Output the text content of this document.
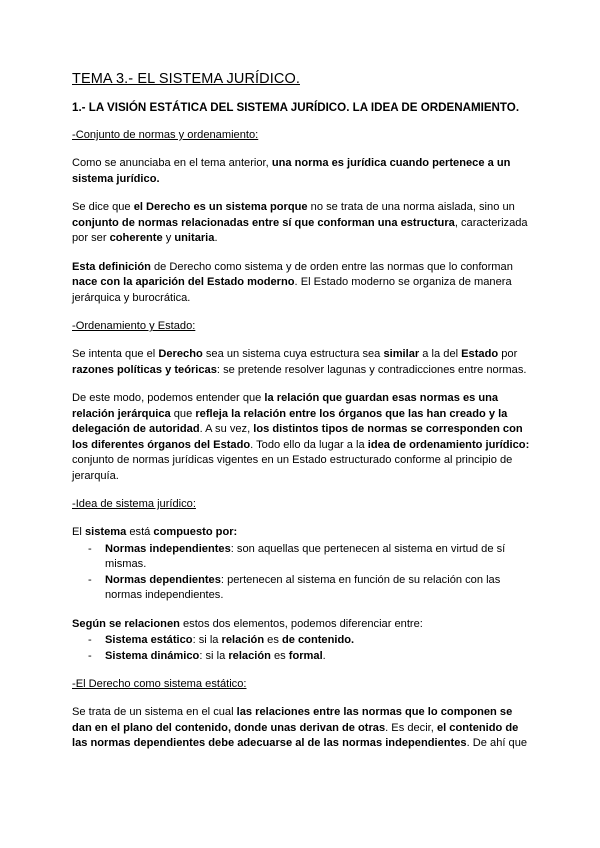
TEMA 3.- EL SISTEMA JURÍDICO.
1.- LA VISIÓN ESTÁTICA DEL SISTEMA JURÍDICO. LA IDEA DE ORDENAMIENTO.
-Conjunto de normas y ordenamiento:

Como se anunciaba en el tema anterior, una norma es jurídica cuando pertenece a un sistema jurídico.

Se dice que el Derecho es un sistema porque no se trata de una norma aislada, sino un conjunto de normas relacionadas entre sí que conforman una estructura, caracterizada por ser coherente y unitaria.

Esta definición de Derecho como sistema y de orden entre las normas que lo conforman nace con la aparición del Estado moderno. El Estado moderno se organiza de manera jerárquica y burocrática.

-Ordenamiento y Estado:

Se intenta que el Derecho sea un sistema cuya estructura sea similar a la del Estado por razones políticas y teóricas: se pretende resolver lagunas y contradicciones entre normas.

De este modo, podemos entender que la relación que guardan esas normas es una relación jerárquica que refleja la relación entre los órganos que las han creado y la delegación de autoridad. A su vez, los distintos tipos de normas se corresponden con los diferentes órganos del Estado. Todo ello da lugar a la idea de ordenamiento jurídico: conjunto de normas jurídicas vigentes en un Estado estructurado conforme al principio de jerarquía.

-Idea de sistema jurídico:

El sistema está compuesto por:

- Normas independientes: son aquellas que pertenecen al sistema en virtud de sí mismas.
- Normas dependientes: pertenecen al sistema en función de su relación con las normas independientes.

Según se relacionen estos dos elementos, podemos diferenciar entre:

- Sistema estático: si la relación es de contenido.
- Sistema dinámico: si la relación es formal.
-El Derecho como sistema estático:

Se trata de un sistema en el cual las relaciones entre las normas que lo componen se dan en el plano del contenido, donde unas derivan de otras. Es decir, el contenido de las normas dependientes debe adecuarse al de las normas independientes. De ahí que
